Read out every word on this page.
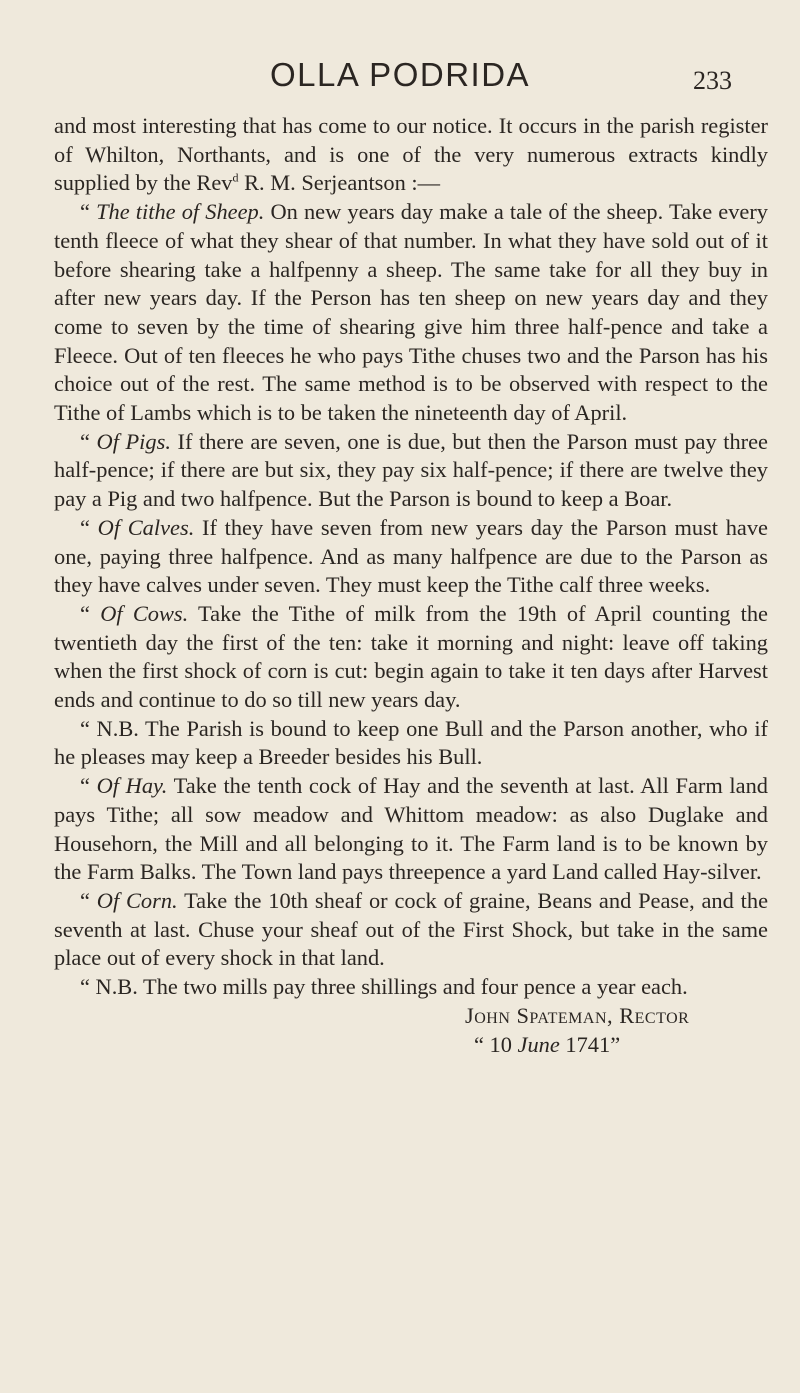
OLLA PODRIDA	233

and most interesting that has come to our notice. It occurs in the parish register of Whilton, Northants, and is one of the very numerous extracts kindly supplied by the Rev$^d$ R. M. Serjeantson :—

“ The tithe of Sheep. On new years day make a tale of the sheep. Take every tenth fleece of what they shear of that number. In what they have sold out of it before shearing take a halfpenny a sheep. The same take for all they buy in after new years day. If the Person has ten sheep on new years day and they come to seven by the time of shearing give him three half-pence and take a Fleece. Out of ten fleeces he who pays Tithe chuses two and the Parson has his choice out of the rest. The same method is to be observed with respect to the Tithe of Lambs which is to be taken the nineteenth day of April.

“ Of Pigs. If there are seven, one is due, but then the Parson must pay three half-pence; if there are but six, they pay six half-pence; if there are twelve they pay a Pig and two halfpence. But the Parson is bound to keep a Boar.

“ Of Calves. If they have seven from new years day the Parson must have one, paying three halfpence. And as many halfpence are due to the Parson as they have calves under seven. They must keep the Tithe calf three weeks.

“ Of Cows. Take the Tithe of milk from the 19th of April counting the twentieth day the first of the ten: take it morning and night: leave off taking when the first shock of corn is cut: begin again to take it ten days after Harvest ends and continue to do so till new years day.

“ N.B. The Parish is bound to keep one Bull and the Parson another, who if he pleases may keep a Breeder besides his Bull.

“ Of Hay. Take the tenth cock of Hay and the seventh at last. All Farm land pays Tithe; all sow meadow and Whittom meadow: as also Duglake and Househorn, the Mill and all belonging to it. The Farm land is to be known by the Farm Balks. The Town land pays threepence a yard Land called Hay-silver.

“ Of Corn. Take the 10th sheaf or cock of graine, Beans and Pease, and the seventh at last. Chuse your sheaf out of the First Shock, but take in the same place out of every shock in that land.

“ N.B. The two mills pay three shillings and four pence a year each.

John Spateman, Rector
“ 10 June 1741”
